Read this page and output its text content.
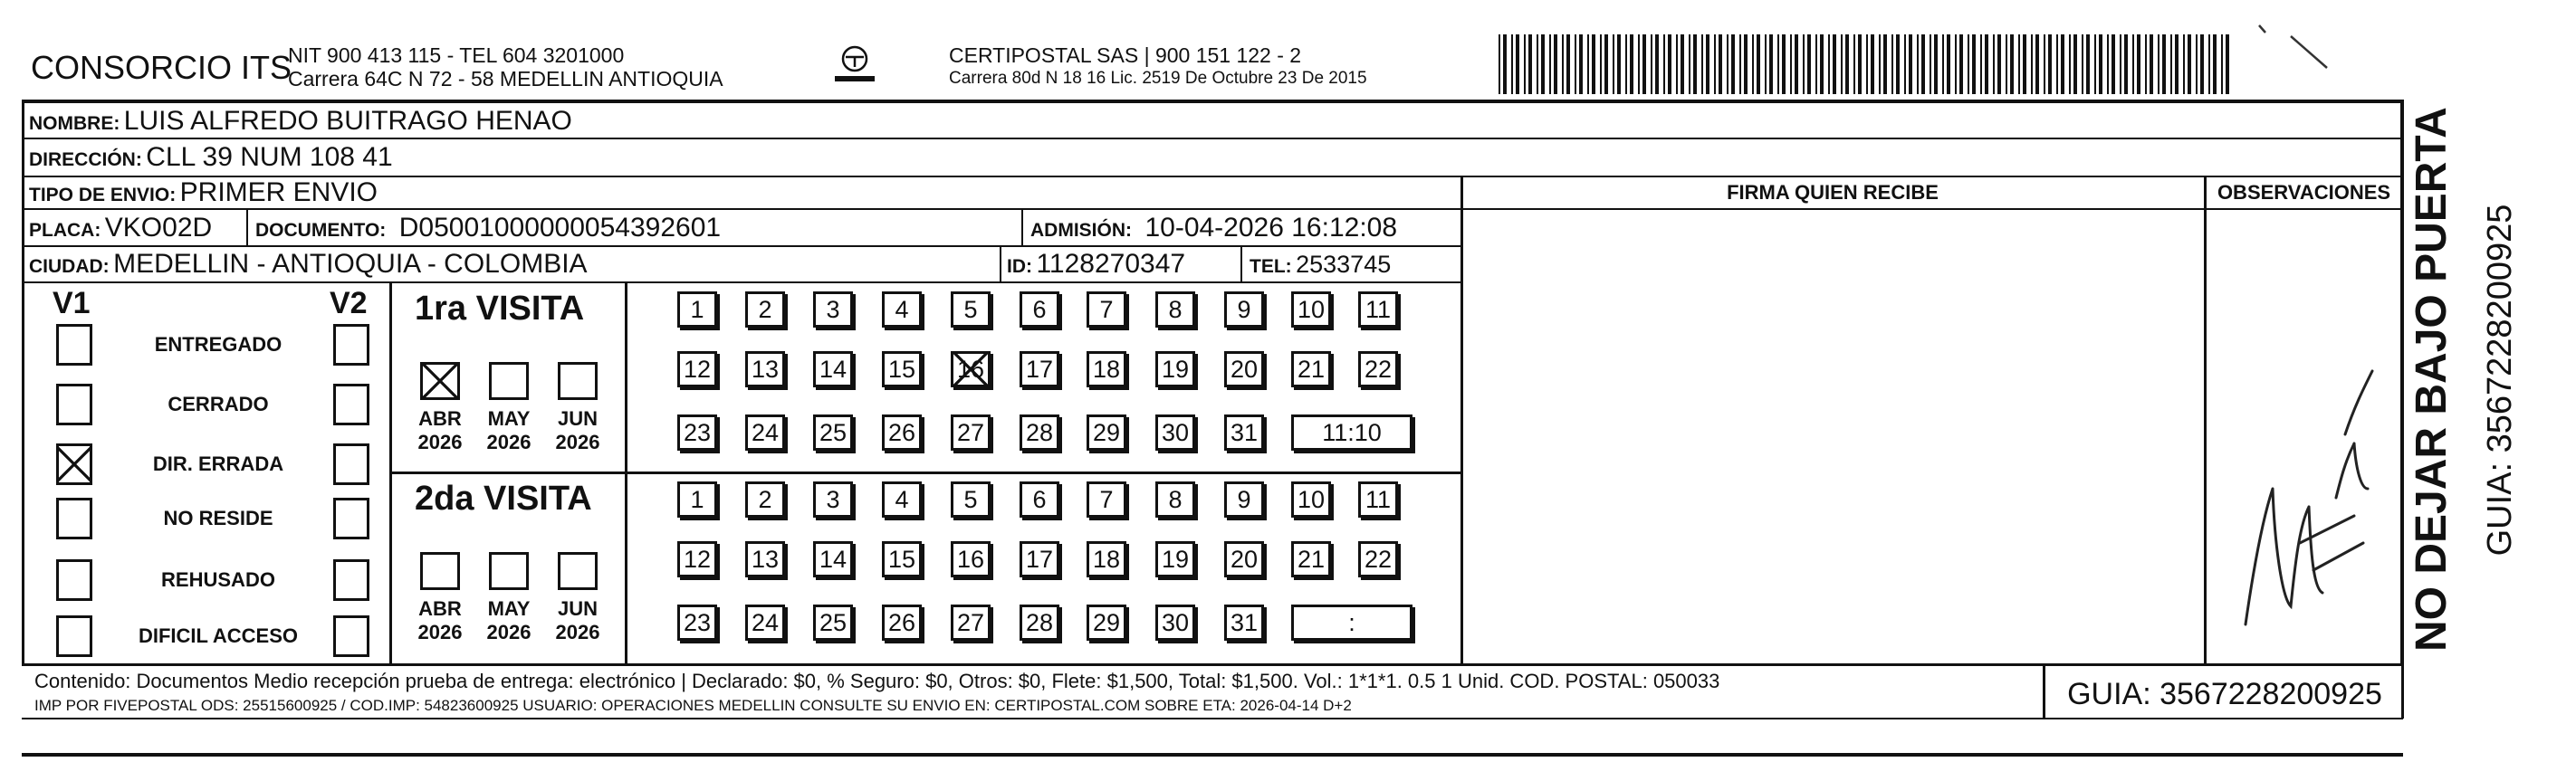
CONSORCIO ITS
NIT 900 413 115 - TEL 604 3201000
Carrera 64C N 72 - 58 MEDELLIN ANTIOQUIA
CERTIPOSTAL SAS | 900 151 122 - 2
Carrera 80d N 18 16 Lic. 2519 De Octubre 23 De 2015
NOMBRE: LUIS ALFREDO BUITRAGO HENAO
DIRECCIÓN: CLL 39 NUM 108 41
TIPO DE ENVIO: PRIMER ENVIO
PLACA: VKO02D DOCUMENTO: D05001000000054392601	ADMISIÓN: 10-04-2026 16:12:08
CIUDAD: MEDELLIN - ANTIOQUIA - COLOMBIA	ID: 1128270347	TEL: 2533745
FIRMA QUIEN RECIBE	OBSERVACIONES
V1	V2
ENTREGADO
CERRADO
DIR. ERRADA
NO RESIDE
REHUSADO
DIFICIL ACCESO
1ra VISITA
2da VISITA
ABR
2026
MAY
2026
JUN
2026
1	2	3	4	5	6	7	8	9	10 11
12 13 14 15 16 17 18 19 20 21 22
23 24 25 26 27 28 29 30 31	11:10
ABR
2026
MAY
2026
JUN
2026
1	2	3	4	5	6	7	8	9	10 11
12 13 14 15 16 17 18 19 20 21 22
23 24 25 26 27 28 29 30 31	:
Contenido: Documentos Medio recepción prueba de entrega: electrónico | Declarado: $0, % Seguro: $0, Otros: $0, Flete: $1,500, Total: $1,500. Vol.: 1*1*1. 0.5 1 Unid. COD. POSTAL: 050033
IMP POR FIVEPOSTAL ODS: 25515600925 / COD.IMP: 54823600925 USUARIO: OPERACIONES MEDELLIN CONSULTE SU ENVIO EN: CERTIPOSTAL.COM SOBRE ETA: 2026-04-14 D+2	GUIA: 3567228200925
NO DEJAR BAJO PUERTA GUIA: 3567228200925
